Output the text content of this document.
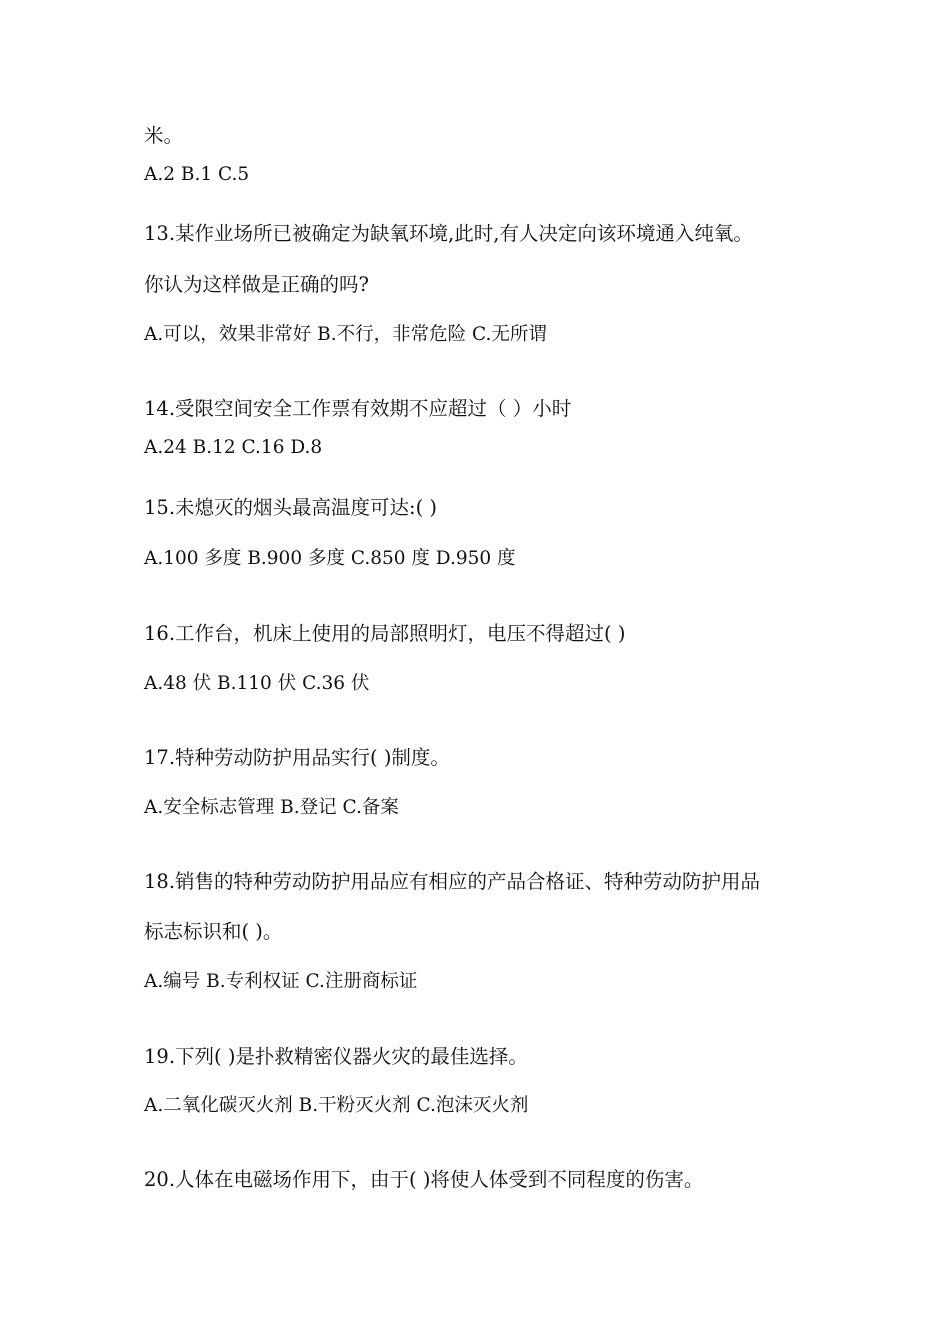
米。
A.2 B.1 C.5
13.某作业场所已被确定为缺氧环境,此时,有人决定向该环境通入纯氧。
你认为这样做是正确的吗?
A.可以，效果非常好 B.不行，非常危险 C.无所谓
14.受限空间安全工作票有效期不应超过（ ）小时
A.24 B.12 C.16 D.8
15.未熄灭的烟头最高温度可达:( )
A.100 多度 B.900 多度 C.850 度 D.950 度
16.工作台，机床上使用的局部照明灯，电压不得超过( )
A.48 伏 B.110 伏 C.36 伏
17.特种劳动防护用品实行( )制度。
A.安全标志管理 B.登记 C.备案
18.销售的特种劳动防护用品应有相应的产品合格证、特种劳动防护用品
标志标识和( )。
A.编号 B.专利权证 C.注册商标证
19.下列( )是扑救精密仪器火灾的最佳选择。
A.二氧化碳灭火剂 B.干粉灭火剂 C.泡沫灭火剂
20.人体在电磁场作用下，由于( )将使人体受到不同程度的伤害。
